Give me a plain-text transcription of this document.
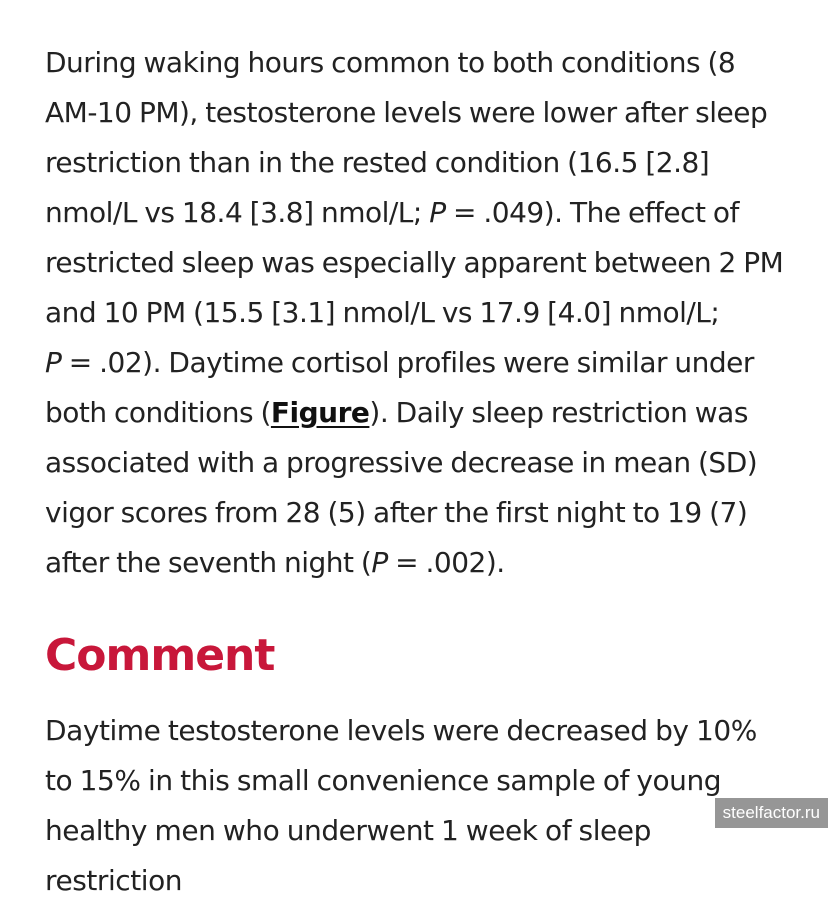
During waking hours common to both conditions (8 AM-10 PM), testosterone levels were lower after sleep restriction than in the rested condition (16.5 [2.8] nmol/L vs 18.4 [3.8] nmol/L; P = .049). The effect of restricted sleep was especially apparent between 2 PM and 10 PM (15.5 [3.1] nmol/L vs 17.9 [4.0] nmol/L;
P = .02). Daytime cortisol profiles were similar under both conditions (Figure). Daily sleep restriction was associated with a progressive decrease in mean (SD) vigor scores from 28 (5) after the first night to 19 (7) after the seventh night (P = .002).

Comment

Daytime testosterone levels were decreased by 10% to 15% in this small convenience sample of young healthy men who underwent 1 week of sleep restriction

steelfactor.ru
